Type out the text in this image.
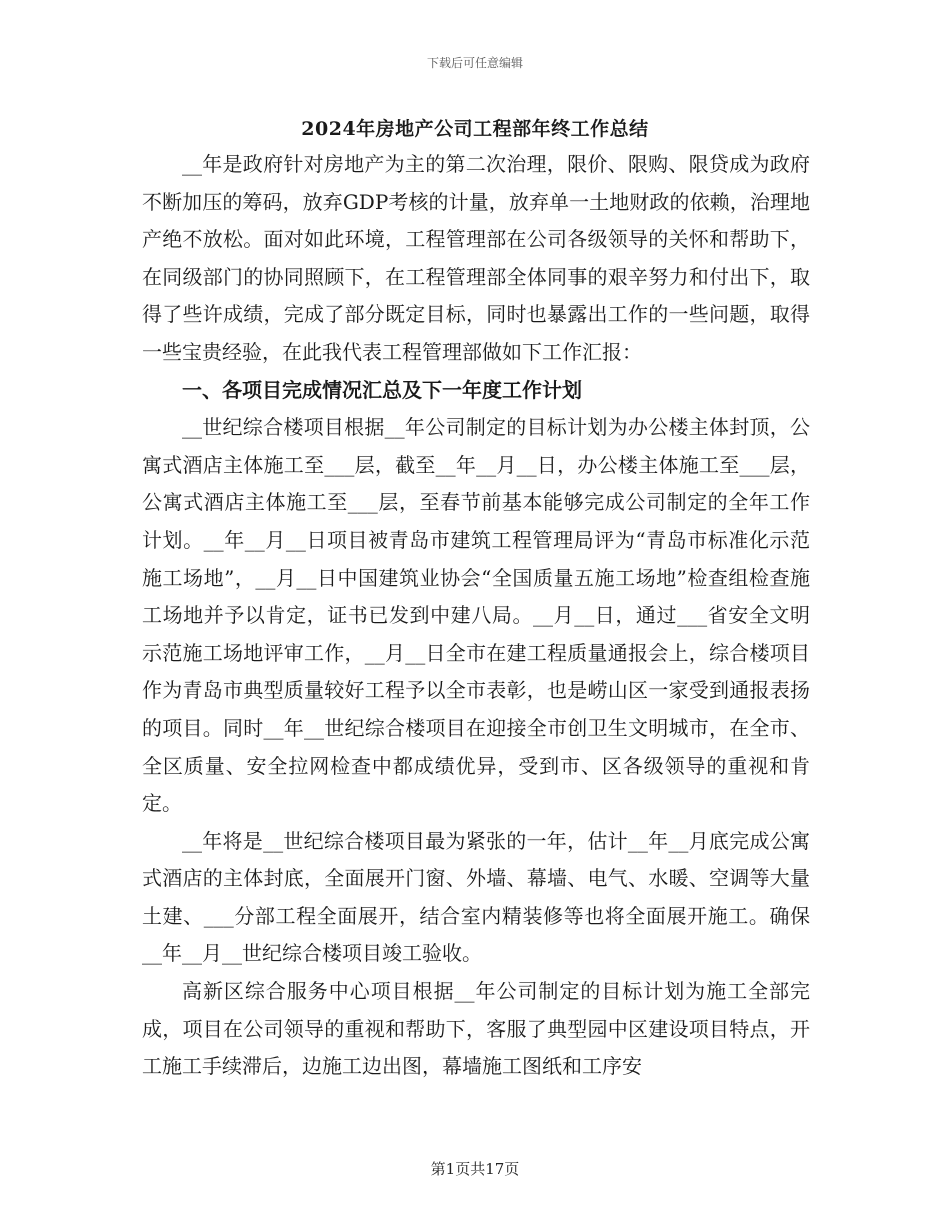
下载后可任意编辑
2024年房地产公司工程部年终工作总结

__年是政府针对房地产为主的第二次治理，限价、限购、限贷成为政府不断加压的筹码，放弃GDP考核的计量，放弃单一土地财政的依赖，治理地产绝不放松。面对如此环境，工程管理部在公司各级领导的关怀和帮助下，在同级部门的协同照顾下，在工程管理部全体同事的艰辛努力和付出下，取得了些许成绩，完成了部分既定目标，同时也暴露出工作的一些问题，取得一些宝贵经验，在此我代表工程管理部做如下工作汇报：

一、各项目完成情况汇总及下一年度工作计划

__世纪综合楼项目根据__年公司制定的目标计划为办公楼主体封顶，公寓式酒店主体施工至___层，截至__年__月__日，办公楼主体施工至___层，公寓式酒店主体施工至___层，至春节前基本能够完成公司制定的全年工作计划。__年__月__日项目被青岛市建筑工程管理局评为“青岛市标准化示范施工场地”，__月__日中国建筑业协会“全国质量五施工场地”检查组检查施工场地并予以肯定，证书已发到中建八局。__月__日，通过___省安全文明示范施工场地评审工作，__月__日全市在建工程质量通报会上，综合楼项目作为青岛市典型质量较好工程予以全市表彰，也是崂山区一家受到通报表扬的项目。同时__年__世纪综合楼项目在迎接全市创卫生文明城市，在全市、全区质量、安全拉网检查中都成绩优异，受到市、区各级领导的重视和肯定。

__年将是__世纪综合楼项目最为紧张的一年，估计__年__月底完成公寓式酒店的主体封底，全面展开门窗、外墙、幕墙、电气、水暖、空调等大量土建、___分部工程全面展开，结合室内精装修等也将全面展开施工。确保__年__月__世纪综合楼项目竣工验收。

高新区综合服务中心项目根据__年公司制定的目标计划为施工全部完成，项目在公司领导的重视和帮助下，客服了典型园中区建设项目特点，开工施工手续滞后，边施工边出图，幕墙施工图纸和工序安

第1页共17页
